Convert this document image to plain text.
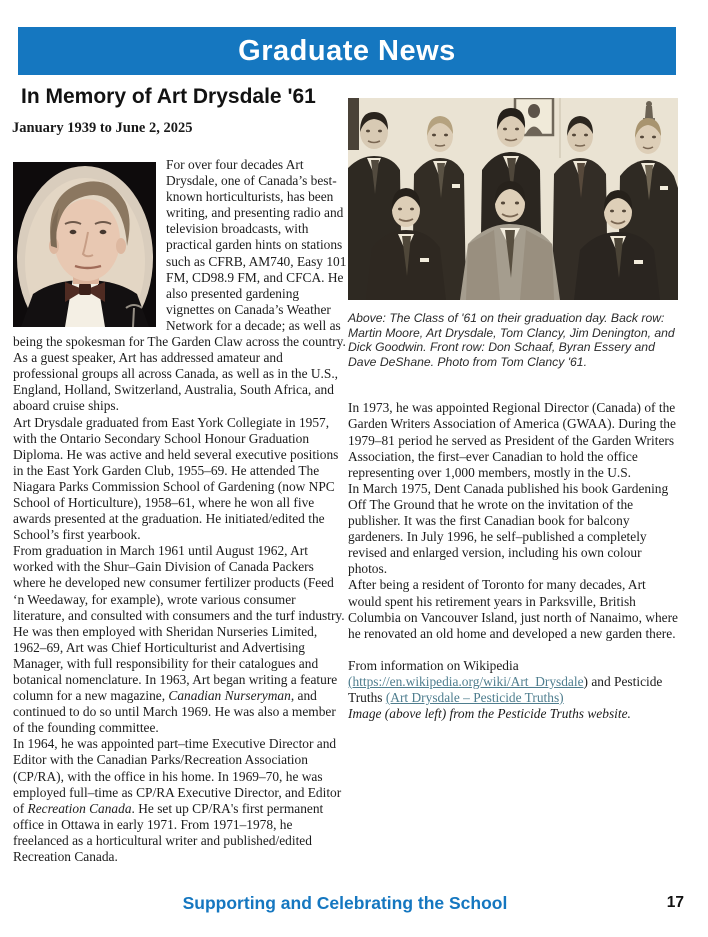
Graduate News
In Memory of Art Drysdale '61
January 1939 to June 2, 2025

For over four decades Art Drysdale, one of Canada’s best-known horticulturists, has been writing, and presenting radio and television broadcasts, with practical garden hints on stations such as CFRB, AM740, Easy 101 FM, CD98.9 FM, and CFCA. He also presented gardening vignettes on Canada’s Weather Network for a decade; as well as being the spokesman for The Garden Claw across the country.

As a guest speaker, Art has addressed amateur and professional groups all across Canada, as well as in the U.S., England, Holland, Switzerland, Australia, South Africa, and aboard cruise ships.

Art Drysdale graduated from East York Collegiate in 1957, with the Ontario Secondary School Honour Graduation Diploma. He was active and held several executive positions in the East York Garden Club, 1955–69. He attended The Niagara Parks Commission School of Gardening (now NPC School of Horticulture), 1958–61, where he won all five awards presented at the graduation. He initiated/edited the School’s first yearbook.

From graduation in March 1961 until August 1962, Art worked with the Shur–Gain Division of Canada Packers where he developed new consumer fertilizer products (Feed ‘n Weedaway, for example), wrote various consumer literature, and consulted with consumers and the turf industry. He was then employed with Sheridan Nurseries Limited, 1962–69, Art was Chief Horticulturist and Advertising Manager, with full responsibility for their catalogues and botanical nomenclature. In 1963, Art began writing a feature column for a new magazine, Canadian Nurseryman, and continued to do so until March 1969. He was also a member of the founding committee.

In 1964, he was appointed part–time Executive Director and Editor with the Canadian Parks/Recreation Association (CP/RA), with the office in his home. In 1969–70, he was employed full–time as CP/RA Executive Director, and Editor of Recreation Canada. He set up CP/RA's first permanent office in Ottawa in early 1971. From 1971–1978, he freelanced as a horticultural writer and published/edited Recreation Canada.

Above: The Class of '61 on their graduation day. Back row: Martin Moore, Art Drysdale, Tom Clancy, Jim Denington, and Dick Goodwin. Front row: Don Schaaf, Byran Essery and Dave DeShane. Photo from Tom Clancy '61.

In 1973, he was appointed Regional Director (Canada) of the Garden Writers Association of America (GWAA). During the 1979–81 period he served as President of the Garden Writers Association, the first–ever Canadian to hold the office representing over 1,000 members, mostly in the U.S.

In March 1975, Dent Canada published his book Gardening Off The Ground that he wrote on the invitation of the publisher. It was the first Canadian book for balcony gardeners. In July 1996, he self–published a completely revised and enlarged version, including his own colour photos.

After being a resident of Toronto for many decades, Art would spent his retirement years in Parksville, British Columbia on Vancouver Island, just north of Nanaimo, where he renovated an old home and developed a new garden there.

From information on Wikipedia (https://en.wikipedia.org/wiki/Art_Drysdale) and Pesticide Truths (Art Drysdale – Pesticide Truths)

Image (above left) from the Pesticide Truths website.

Supporting and Celebrating the School	17
